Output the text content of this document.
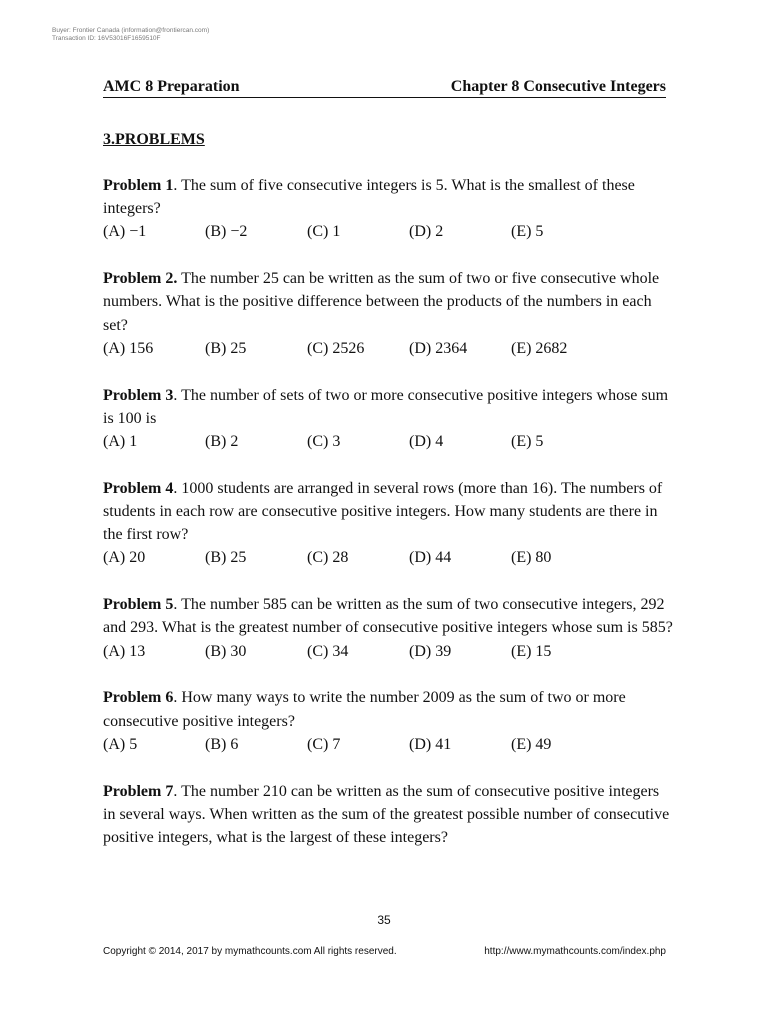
Buyer: Frontier Canada (information@frontiercan.com)
Transaction ID: 16V53016F1659510F
AMC 8 Preparation	Chapter 8 Consecutive Integers
3.PROBLEMS

Problem 1. The sum of five consecutive integers is 5. What is the smallest of these integers?

(A) −1	(B) −2	(C) 1	(D) 2	(E) 5

Problem 2. The number 25 can be written as the sum of two or five consecutive whole numbers. What is the positive difference between the products of the numbers in each set?

(A) 156	(B) 25	(C) 2526	(D) 2364	(E) 2682

Problem 3. The number of sets of two or more consecutive positive integers whose sum is 100 is

(A) 1	(B) 2	(C) 3	(D) 4	(E) 5

Problem 4. 1000 students are arranged in several rows (more than 16). The numbers of students in each row are consecutive positive integers. How many students are there in the first row?

(A) 20	(B) 25	(C) 28	(D) 44	(E) 80

Problem 5. The number 585 can be written as the sum of two consecutive integers, 292 and 293. What is the greatest number of consecutive positive integers whose sum is 585?

(A) 13	(B) 30	(C) 34	(D) 39	(E) 15

Problem 6. How many ways to write the number 2009 as the sum of two or more consecutive positive integers?

(A) 5	(B) 6	(C) 7	(D) 41	(E) 49

Problem 7. The number 210 can be written as the sum of consecutive positive integers in several ways. When written as the sum of the greatest possible number of consecutive positive integers, what is the largest of these integers?

35
Copyright © 2014, 2017 by mymathcounts.com All rights reserved.	http://www.mymathcounts.com/index.php
